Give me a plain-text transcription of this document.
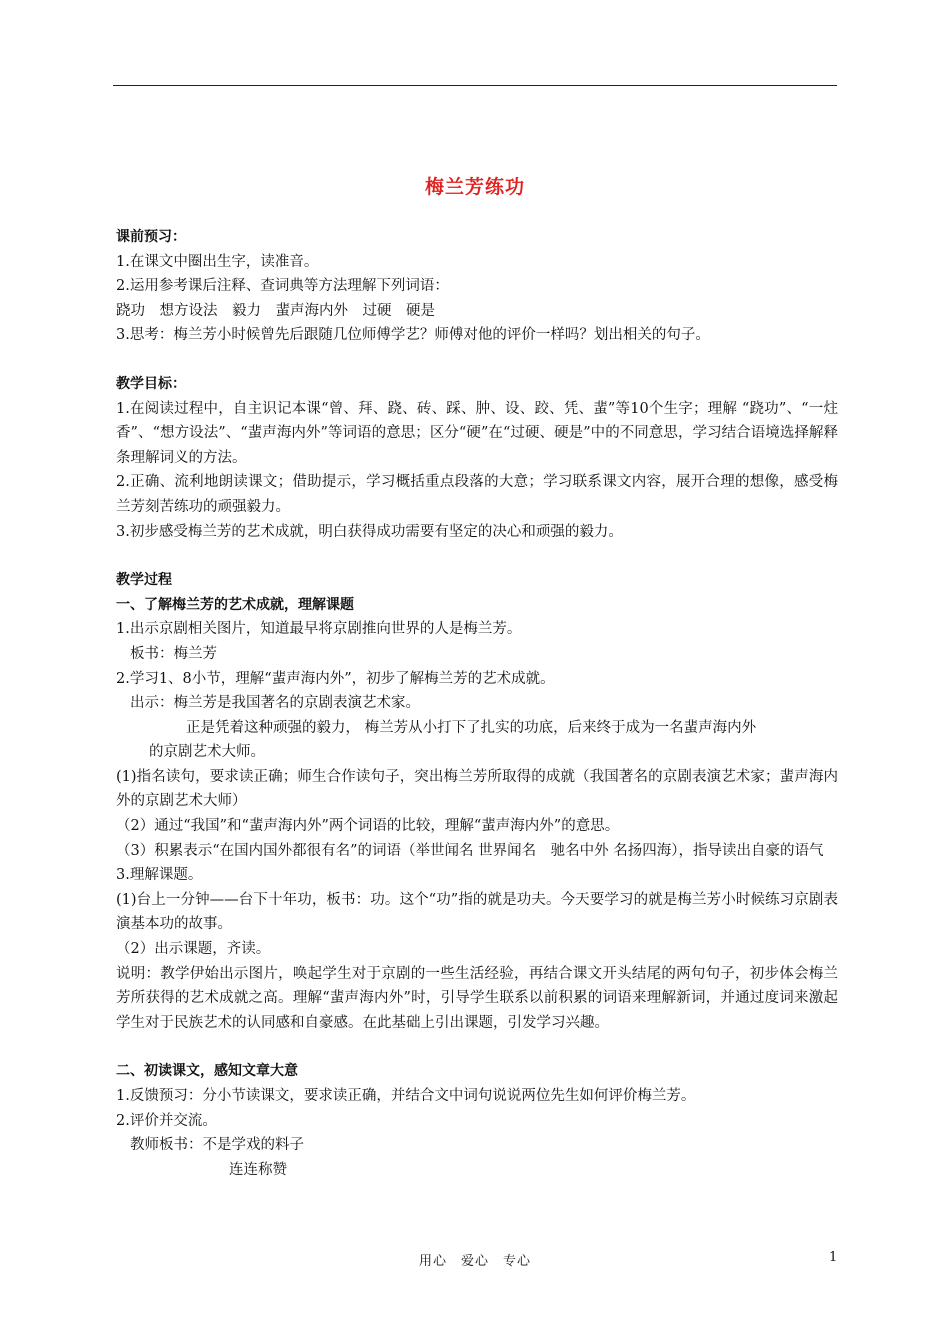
梅兰芳练功
课前预习：
1.在课文中圈出生字，读准音。
2.运用参考课后注释、查词典等方法理解下列词语：
跷功　想方设法　毅力　蜚声海内外　过硬　硬是
3.思考：梅兰芳小时候曾先后跟随几位师傅学艺？师傅对他的评价一样吗？划出相关的句子。
教学目标：
1.在阅读过程中，自主识记本课“曾、拜、跷、砖、踩、肿、设、跤、凭、蜚”等10个生字；理解 “跷功”、“一炷香”、“想方设法”、“蜚声海内外”等词语的意思；区分“硬”在“过硬、硬是”中的不同意思，学习结合语境选择解释条理解词义的方法。
2.正确、流利地朗读课文；借助提示，学习概括重点段落的大意；学习联系课文内容，展开合理的想像，感受梅兰芳刻苦练功的顽强毅力。
3.初步感受梅兰芳的艺术成就，明白获得成功需要有坚定的决心和顽强的毅力。
教学过程
一、了解梅兰芳的艺术成就，理解课题
1.出示京剧相关图片，知道最早将京剧推向世界的人是梅兰芳。
板书：梅兰芳
2.学习1、8小节，理解“蜚声海内外”，初步了解梅兰芳的艺术成就。
出示：梅兰芳是我国著名的京剧表演艺术家。
正是凭着这种顽强的毅力， 梅兰芳从小打下了扎实的功底，后来终于成为一名蜚声海内外
的京剧艺术大师。
(1)指名读句，要求读正确；师生合作读句子，突出梅兰芳所取得的成就（我国著名的京剧表演艺术家；蜚声海内外的京剧艺术大师）
（2）通过“我国”和“蜚声海内外”两个词语的比较，理解“蜚声海内外”的意思。
（3）积累表示“在国内国外都很有名”的词语（举世闻名 世界闻名　驰名中外 名扬四海），指导读出自豪的语气
3.理解课题。
(1)台上一分钟——台下十年功，板书：功。这个“功”指的就是功夫。今天要学习的就是梅兰芳小时候练习京剧表演基本功的故事。
（2）出示课题，齐读。
说明：教学伊始出示图片，唤起学生对于京剧的一些生活经验，再结合课文开头结尾的两句句子，初步体会梅兰芳所获得的艺术成就之高。理解“蜚声海内外”时，引导学生联系以前积累的词语来理解新词，并通过度词来激起学生对于民族艺术的认同感和自豪感。在此基础上引出课题，引发学习兴趣。
二、初读课文，感知文章大意
1.反馈预习：分小节读课文，要求读正确，并结合文中词句说说两位先生如何评价梅兰芳。
2.评价并交流。
教师板书：不是学戏的料子
连连称赞
用心　爱心　专心	1
